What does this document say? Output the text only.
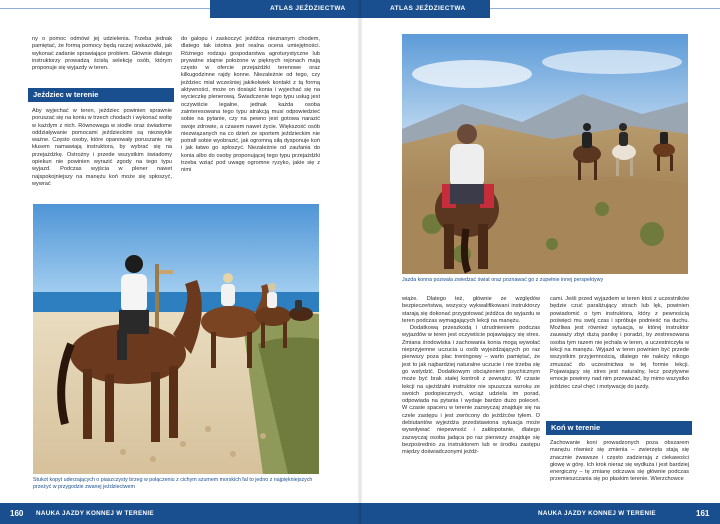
ATLAS JEŹDZIECTWA

ny o pomoc odmówi jej udzielenia. Trzeba jednak pamiętać, że formą pomocy będą raczej wskazówki, jak wykonać zadanie sprawiające problem. Głównie dlatego instruktorzy prowadzą ścisłą selekcję osób, którym proponuje się wyjazdy w teren.

Jeździec w terenie

Aby wyjechać w teren, jeździec powinien sprawnie poruszać się na koniu w trzech chodach i wykonać woltę w każdym z nich. Równowaga w siodle oraz świadome oddziaływanie pomocami jeździeckimi są niezwykle ważne. Często osoby, które opanowały poruszanie się kłusem namawiają instruktora, by wybrać się na przejażdżkę. Ostrożny i przede wszystkim świadomy opiekun nie powinien wyrazić zgody na tego typu wyjazd. Podczas wyjścia w plener nawet najspokojniejszy na manężu koń może się spłoszyć, wywrać

do galopu i zaskoczyć jeźdźca nieznanym chodem, dlatego tak istotna jest realna ocena umiejętności. Różnego rodzaju gospodarstwa agroturystyczne lub prywatne stajnie położone w pięknych rejonach mają często w ofercie przejażdżki terenowe oraz kilkugodzinne rajdy konne. Niezależnie od tego, czy jeździec miał wcześniej jakikolwiek kontakt z tą formą aktywności, może on dosiąść konia i wyjechać się na wycieczkę plenerową. Świadczenie tego typu usług jest oczywiście legalne, jednak każda osoba zainteresowana tego typu atrakcją musi odpowiedzieć sobie na pytanie, czy na pewno jest gotowa narazić swoje zdrowie, a czasem nawet życie. Większość osób niezwiązanych na co dzień ze sportem jeździeckim nie potrafi sobie wyobrazić, jak ogromną siłą dysponuje koń i jak łatwo go spłoszyć. Niezależnie od zaufania do konia albo do osoby proponującej tego typu przejażdżki trzeba wziąć pod uwagę ogromne ryzyko, jakie się z nimi

Stukot kopyt uderzających o piaszczysty brzeg w połączeniu z cichym szumem morskich fal to jedno z najpiękniejszych przeżyć w przygodzie zwanej jeździectwem
160 NAUKA JAZDY KONNEJ W TERENIE
ATLAS JEŹDZIECTWA
Jazda konna pozwala zwiedzać świat oraz poznawać go z zupełnie innej perspektywy

wiąże. Dlatego też, głównie ze względów bezpieczeństwa, wszyscy wykwalifikowani instruktorzy starają się dokonać przygotować jeźdźca do wyjazdu w teren podczas wymagających lekcji na manężu.

Dodatkową przeszkodą i utrudnieniem podczas wyjazdów w teren jest oczywiście pojawiający się stres. Zmiana środowiska i zachowania konia mogą wywołać nieprzyjemne uczucia u osób wyjeżdżających po raz pierwszy poza plac treningowy – warto pamiętać, że jest to jak najbardziej naturalne uczucie i nie trzeba się go wstydzić. Dodatkowym obciążeniem psychicznym może być brak stałej kontroli z zewnątrz. W czasie lekcji na ujeżdżalni instruktor nie spuszcza wzroku ze swoich podopiecznych, wciąż udziela im porad, odpowiada na pytania i wydaje bardzo dużo poleceń. W czasie spaceru w terenie zazwyczaj znajduje się na czele zastępu i jest zwrócony do jeźdźców tyłem. O debiutantów wyjeżdża przedstawiona sytuacja może wywoływać niepewność i zakłopotanie, dlatego zazwyczaj osoba jadąca po raz pierwszy znajduje się bezpośrednio za instruktorem lub w środku zastępu między doświadczonymi jeźdź-

cami. Jeśli przed wyjazdem w teren ktoś z uczestników będzie czuć paraliżujący strach lub lęk, powinien powiadomić o tym instruktora, który z pewnością poświęci mu swój czas i spróbuje podnieść na duchu. Możliwa jest również sytuacja, w której instruktor zauważy zbyt dużą panikę i poradzi, by zestresowana osoba tym razem nie jechała w teren, a uczestniczyła w lekcji na manężu. Wyjazd w teren powinien być przede wszystkim przyjemnością, dlatego nie należy nikogo zmuszać do uczestnictwa w tej formie lekcji. Pojawiający się stres jest naturalny, lecz pozytywne emocje powinny nad nim przeważać, by mimo wszystko jeździec czuł chęć i motywację do jazdy.

Koń w terenie

Zachowanie koni prowadzonych poza obszarem manężu również się zmienia – zwierzęta stają się znacznie żwawsze i często zadzierają z ciekawości głowę w górę. Ich krok nieraz się wydłuża i jest bardziej energiczny – tę zmianę odczuwa się głównie podczas przemieszczania się po płaskim terenie. Wierzchowce

NAUKA JAZDY KONNEJ W TERENIE	161
